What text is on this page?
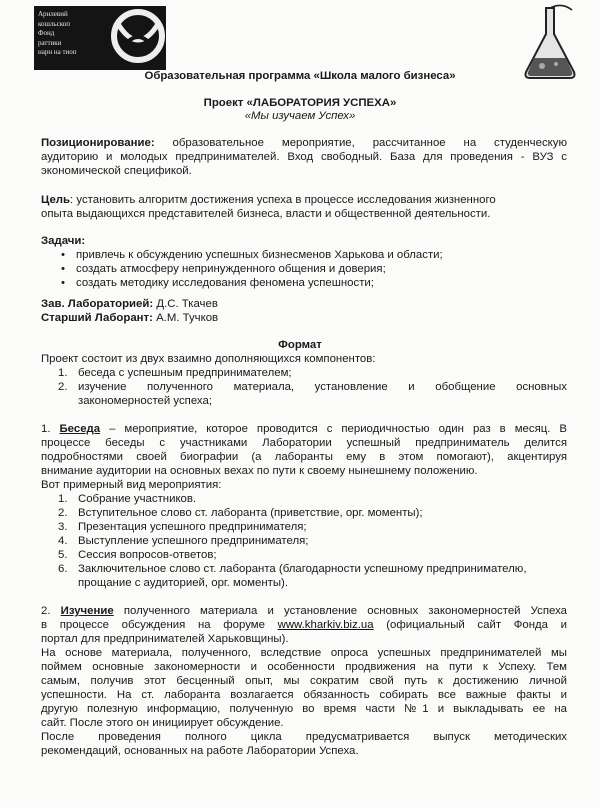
Арнлевий
кошльскоп
Фонд
раттики
нарн на тиоп
Образовательная программа «Школа малого бизнеса»
Проект «ЛАБОРАТОРИЯ УСПЕХА»
«Мы изучаем Успех»
Позиционирование: образовательное мероприятие, рассчитанное на студенческую
аудиторию и молодых предпринимателей. Вход свободный. База для проведения - ВУЗ с
экономической спецификой.
Цель: установить алгоритм достижения успеха в процессе исследования жизненного
опыта выдающихся представителей бизнеса, власти и общественной деятельности.
Задачи:
• привлечь к обсуждению успешных бизнесменов Харькова и области;
• создать атмосферу непринужденного общения и доверия;
• создать методику исследования феномена успешности;
Зав. Лабораторией: Д.С. Ткачев
Старший Лаборант: А.М. Тучков
Формат
Проект состоит из двух взаимно дополняющихся компонентов:
1. беседа с успешным предпринимателем;
2. изучение полученного материала, установление и обобщение основных
закономерностей успеха;
1. Беседа – мероприятие, которое проводится с периодичностью один раз в месяц. В
процессе беседы с участниками Лаборатории успешный предприниматель делится
подробностями своей биографии (а лаборанты ему в этом помогают), акцентируя
внимание аудитории на основных вехах по пути к своему нынешнему положению.
Вот примерный вид мероприятия:
1. Собрание участников.
2. Вступительное слово ст. лаборанта (приветствие, орг. моменты);
3. Презентация успешного предпринимателя;
4. Выступление успешного предпринимателя;
5. Сессия вопросов-ответов;
6. Заключительное слово ст. лаборанта (благодарности успешному предпринимателю,
прощание с аудиторией, орг. моменты).
2. Изучение полученного материала и установление основных закономерностей Успеха
в процессе обсуждения на форуме www.kharkiv.biz.ua (официальный сайт Фонда и
портал для предпринимателей Харьковщины).
На основе материала, полученного, вследствие опроса успешных предпринимателей мы
поймем основные закономерности и особенности продвижения на пути к Успеху. Тем
самым, получив этот бесценный опыт, мы сократим свой путь к достижению личной
успешности. На ст. лаборанта возлагается обязанность собирать все важные факты и
другую полезную информацию, полученную во время части №1 и выкладывать ее на
сайт. После этого он инициирует обсуждение.
После проведения полного цикла предусматривается выпуск методических
рекомендаций, основанных на работе Лаборатории Успеха.
